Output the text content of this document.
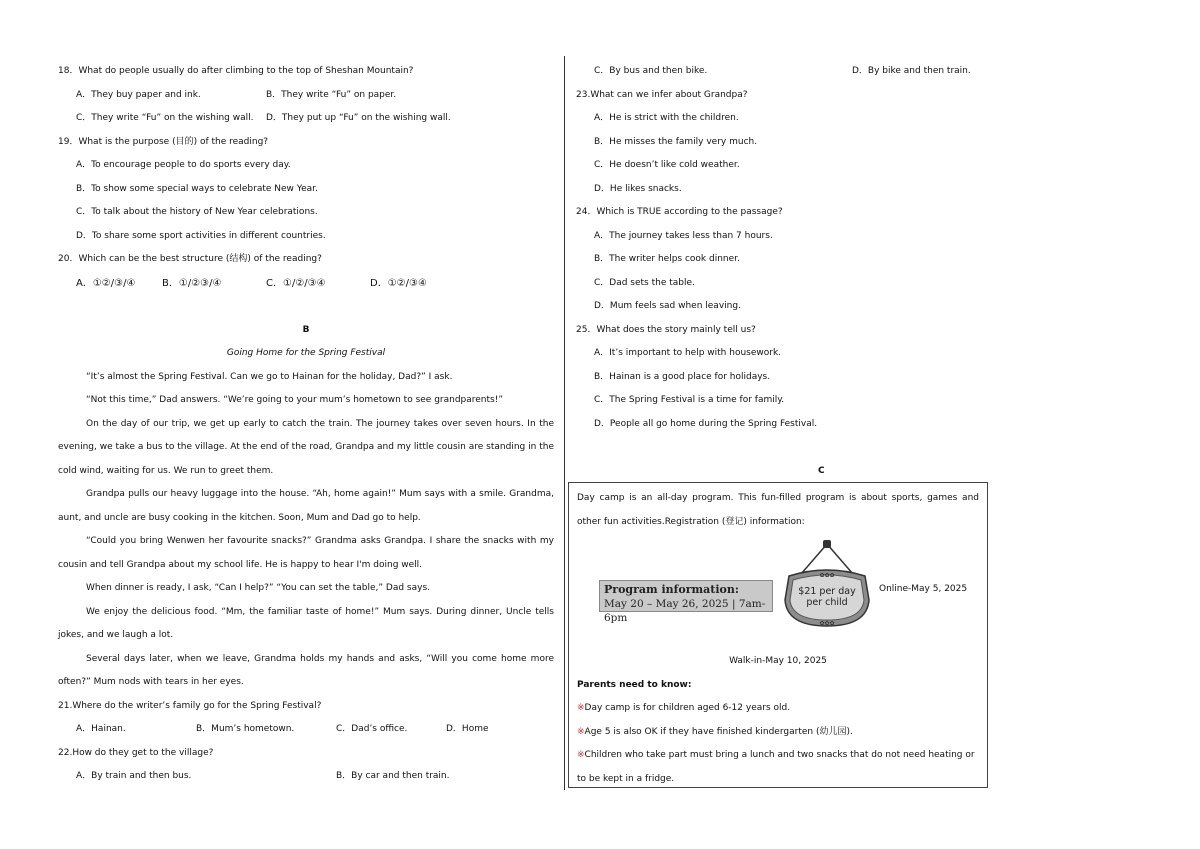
18．What do people usually do after climbing to the top of Sheshan Mountain?
A．They buy paper and ink.	B．They write “Fu” on paper.
C．They write “Fu” on the wishing wall.	D．They put up “Fu” on the wishing wall.
19．What is the purpose (目的) of the reading?
A．To encourage people to do sports every day.
B．To show some special ways to celebrate New Year.
C．To talk about the history of New Year celebrations.
D．To share some sport activities in different countries.
20．Which can be the best structure (结构) of the reading?
A．①②/③/④	B．①/②③/④	C．①/②/③④	D．①②/③④
B
Going Home for the Spring Festival
“It’s almost the Spring Festival. Can we go to Hainan for the holiday, Dad?” I ask.
“Not this time,” Dad answers. “We’re going to your mum’s hometown to see grandparents!”
On the day of our trip, we get up early to catch the train. The journey takes over seven hours. In the evening, we take a bus to the village. At the end of the road, Grandpa and my little cousin are standing in the cold wind, waiting for us. We run to greet them.
Grandpa pulls our heavy luggage into the house. “Ah, home again!” Mum says with a smile. Grandma, aunt, and uncle are busy cooking in the kitchen. Soon, Mum and Dad go to help.
“Could you bring Wenwen her favourite snacks?” Grandma asks Grandpa. I share the snacks with my cousin and tell Grandpa about my school life. He is happy to hear I'm doing well.
When dinner is ready, I ask, “Can I help?” “You can set the table,” Dad says.
We enjoy the delicious food. “Mm, the familiar taste of home!” Mum says. During dinner, Uncle tells jokes, and we laugh a lot.
Several days later, when we leave, Grandma holds my hands and asks, “Will you come home more often?” Mum nods with tears in her eyes.
21.Where do the writer’s family go for the Spring Festival?
A．Hainan.	B．Mum’s hometown.	C．Dad’s office.	D．Home
22.How do they get to the village?
A．By train and then bus.	B．By car and then train.
C．By bus and then bike.	D．By bike and then train.
23.What can we infer about Grandpa?
A．He is strict with the children.
B．He misses the family very much.
C．He doesn’t like cold weather.
D．He likes snacks.
24．Which is TRUE according to the passage?
A．The journey takes less than 7 hours.
B．The writer helps cook dinner.
C．Dad sets the table.
D．Mum feels sad when leaving.
25．What does the story mainly tell us?
A．It’s important to help with housework.
B．Hainan is a good place for holidays.
C．The Spring Festival is a time for family.
D．People all go home during the Spring Festival.
C
Day camp is an all-day program. This fun-filled program is about sports, games and other fun activities.Registration (登记) information:
Program information:
May 20 – May 26, 2025 | 7am-6pm
✿✿✿
✿✿✿
$21 per day
per child
Online-May 5, 2025
Walk-in-May 10, 2025
Parents need to know:
※Day camp is for children aged 6-12 years old.
※Age 5 is also OK if they have finished kindergarten (幼儿园).
※Children who take part must bring a lunch and two snacks that do not need heating or to be kept in a fridge.
